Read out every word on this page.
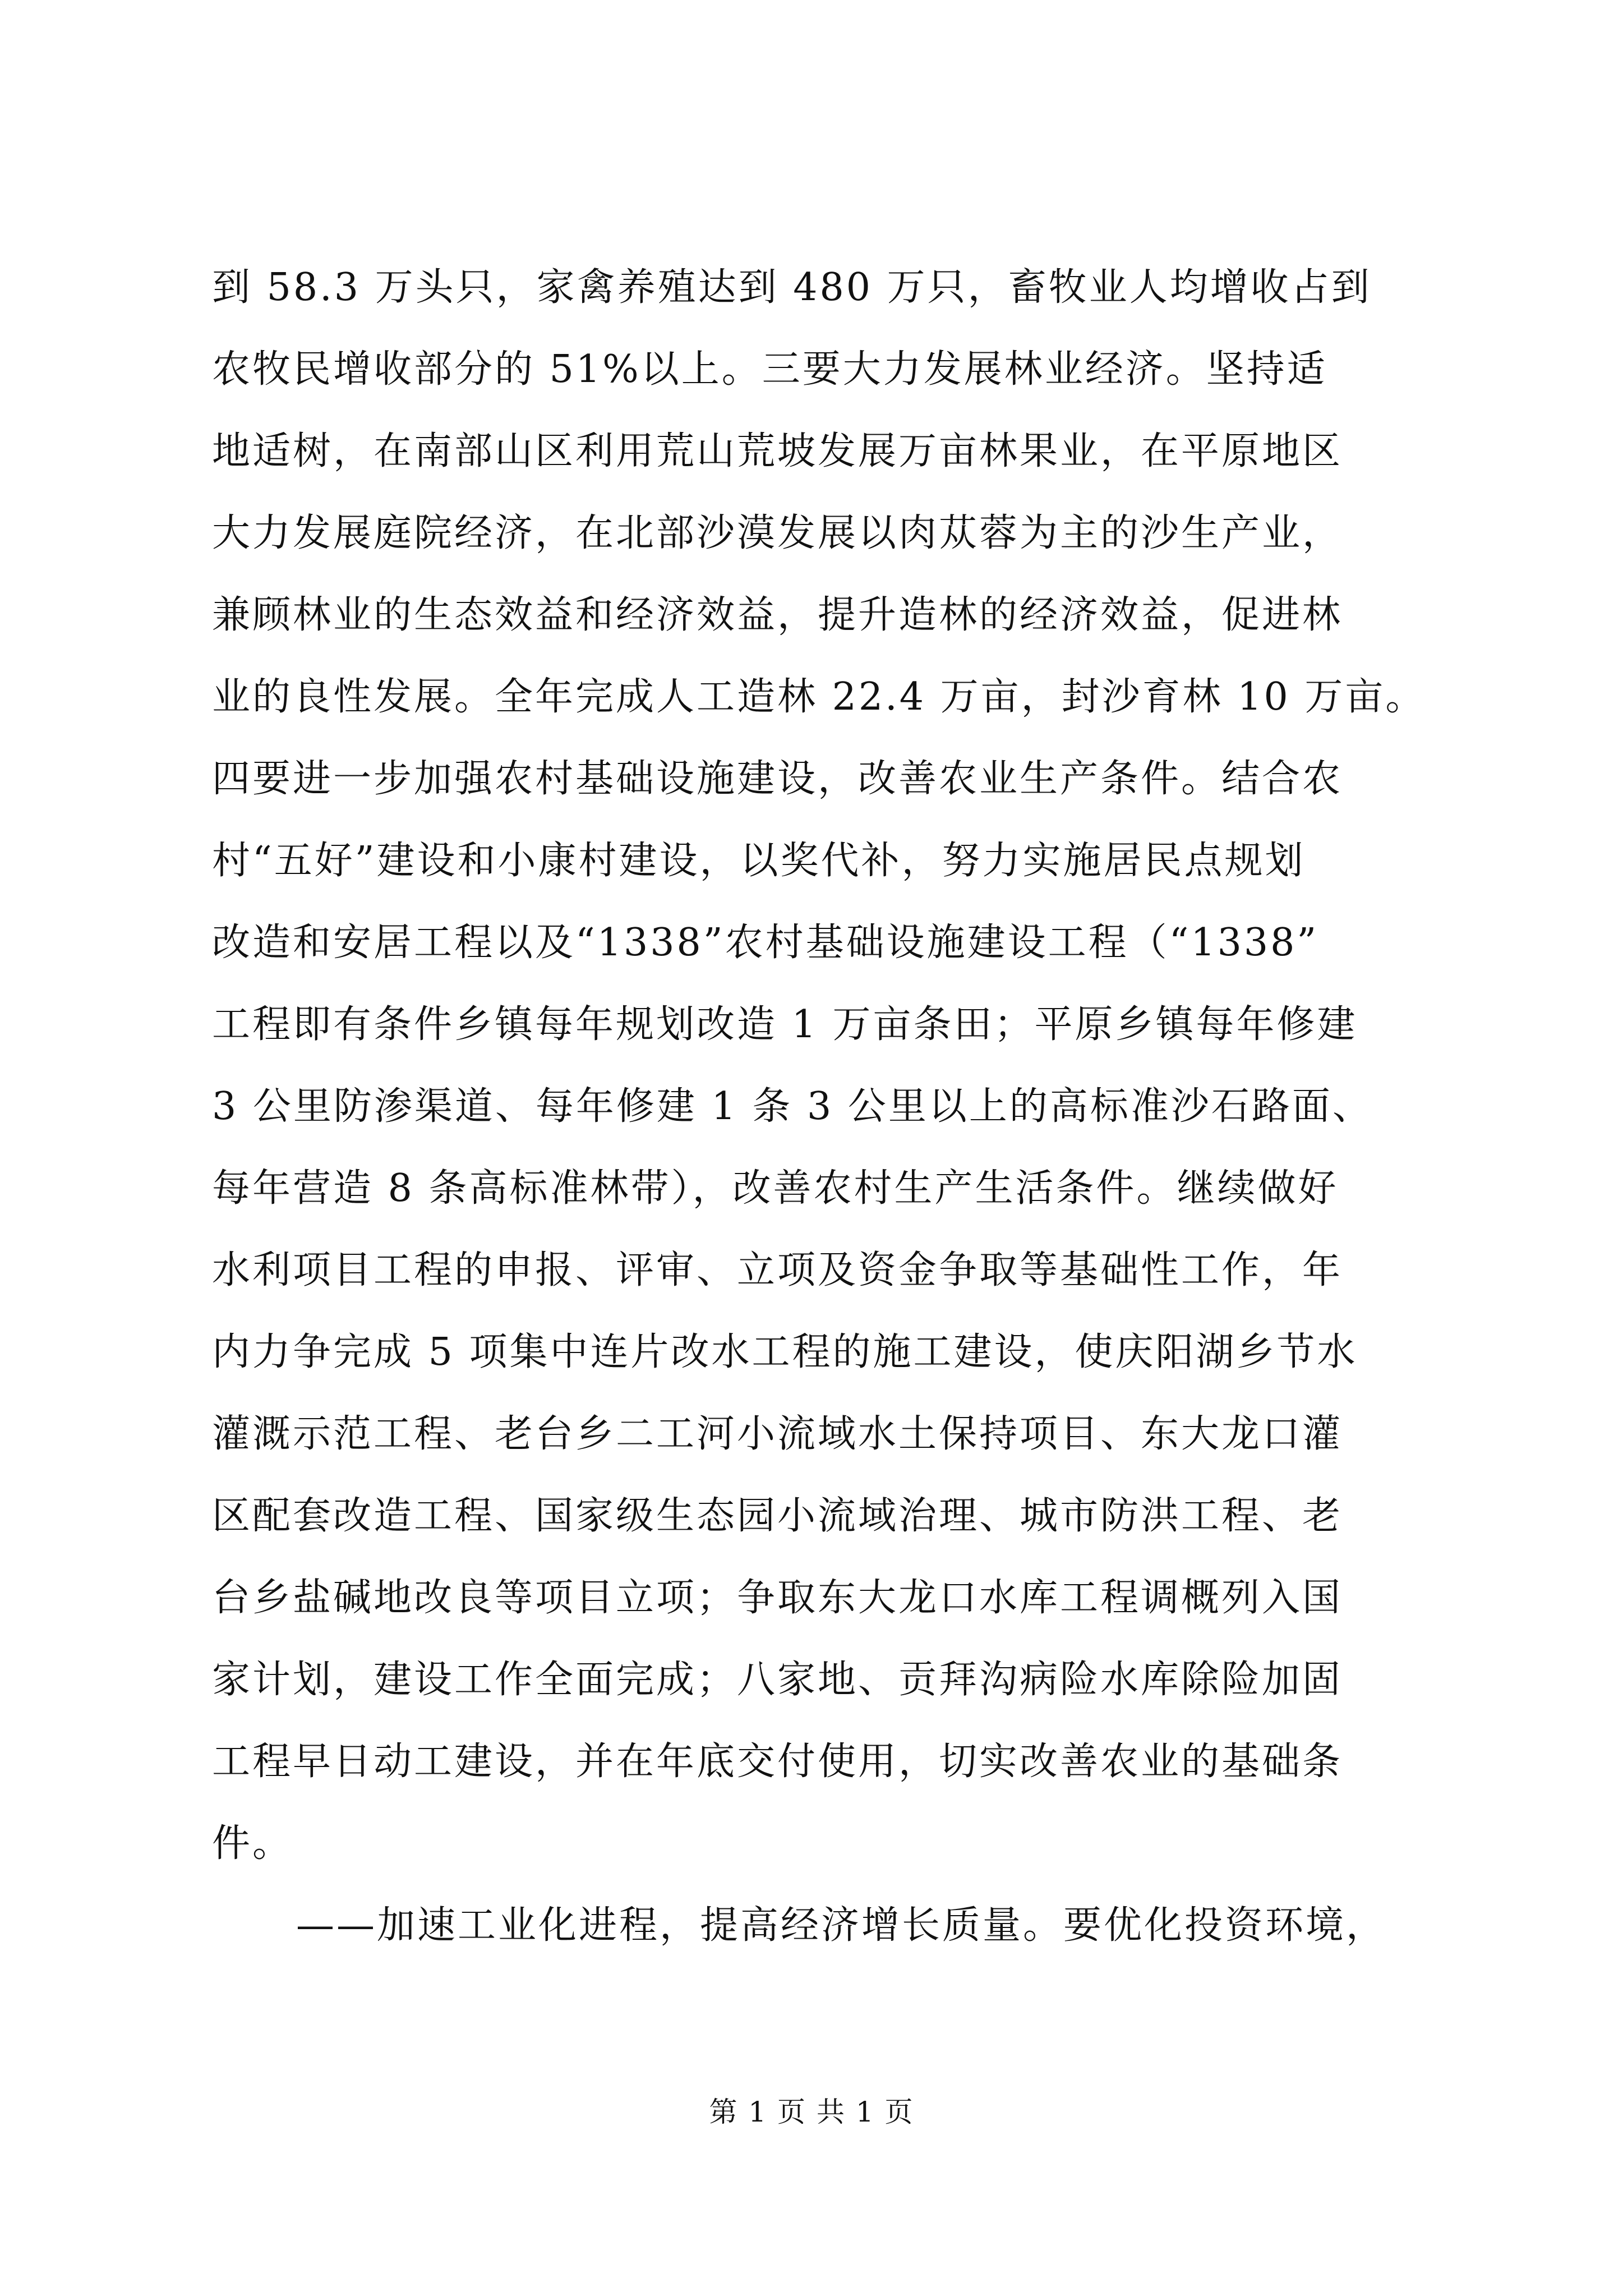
到 58.3 万头只，家禽养殖达到 480 万只，畜牧业人均增收占到
农牧民增收部分的 51%以上。三要大力发展林业经济。坚持适
地适树，在南部山区利用荒山荒坡发展万亩林果业，在平原地区
大力发展庭院经济，在北部沙漠发展以肉苁蓉为主的沙生产业，
兼顾林业的生态效益和经济效益，提升造林的经济效益，促进林
业的良性发展。全年完成人工造林 22.4 万亩，封沙育林 10 万亩。
四要进一步加强农村基础设施建设，改善农业生产条件。结合农
村“五好”建设和小康村建设，以奖代补，努力实施居民点规划
改造和安居工程以及“1338”农村基础设施建设工程（“1338”
工程即有条件乡镇每年规划改造 1 万亩条田；平原乡镇每年修建
3 公里防渗渠道、每年修建 1 条 3 公里以上的高标准沙石路面、
每年营造 8 条高标准林带），改善农村生产生活条件。继续做好
水利项目工程的申报、评审、立项及资金争取等基础性工作，年
内力争完成 5 项集中连片改水工程的施工建设，使庆阳湖乡节水
灌溉示范工程、老台乡二工河小流域水土保持项目、东大龙口灌
区配套改造工程、国家级生态园小流域治理、城市防洪工程、老
台乡盐碱地改良等项目立项；争取东大龙口水库工程调概列入国
家计划，建设工作全面完成；八家地、贡拜沟病险水库除险加固
工程早日动工建设，并在年底交付使用，切实改善农业的基础条
件。
——加速工业化进程，提高经济增长质量。要优化投资环境，
第 1 页 共 1 页
